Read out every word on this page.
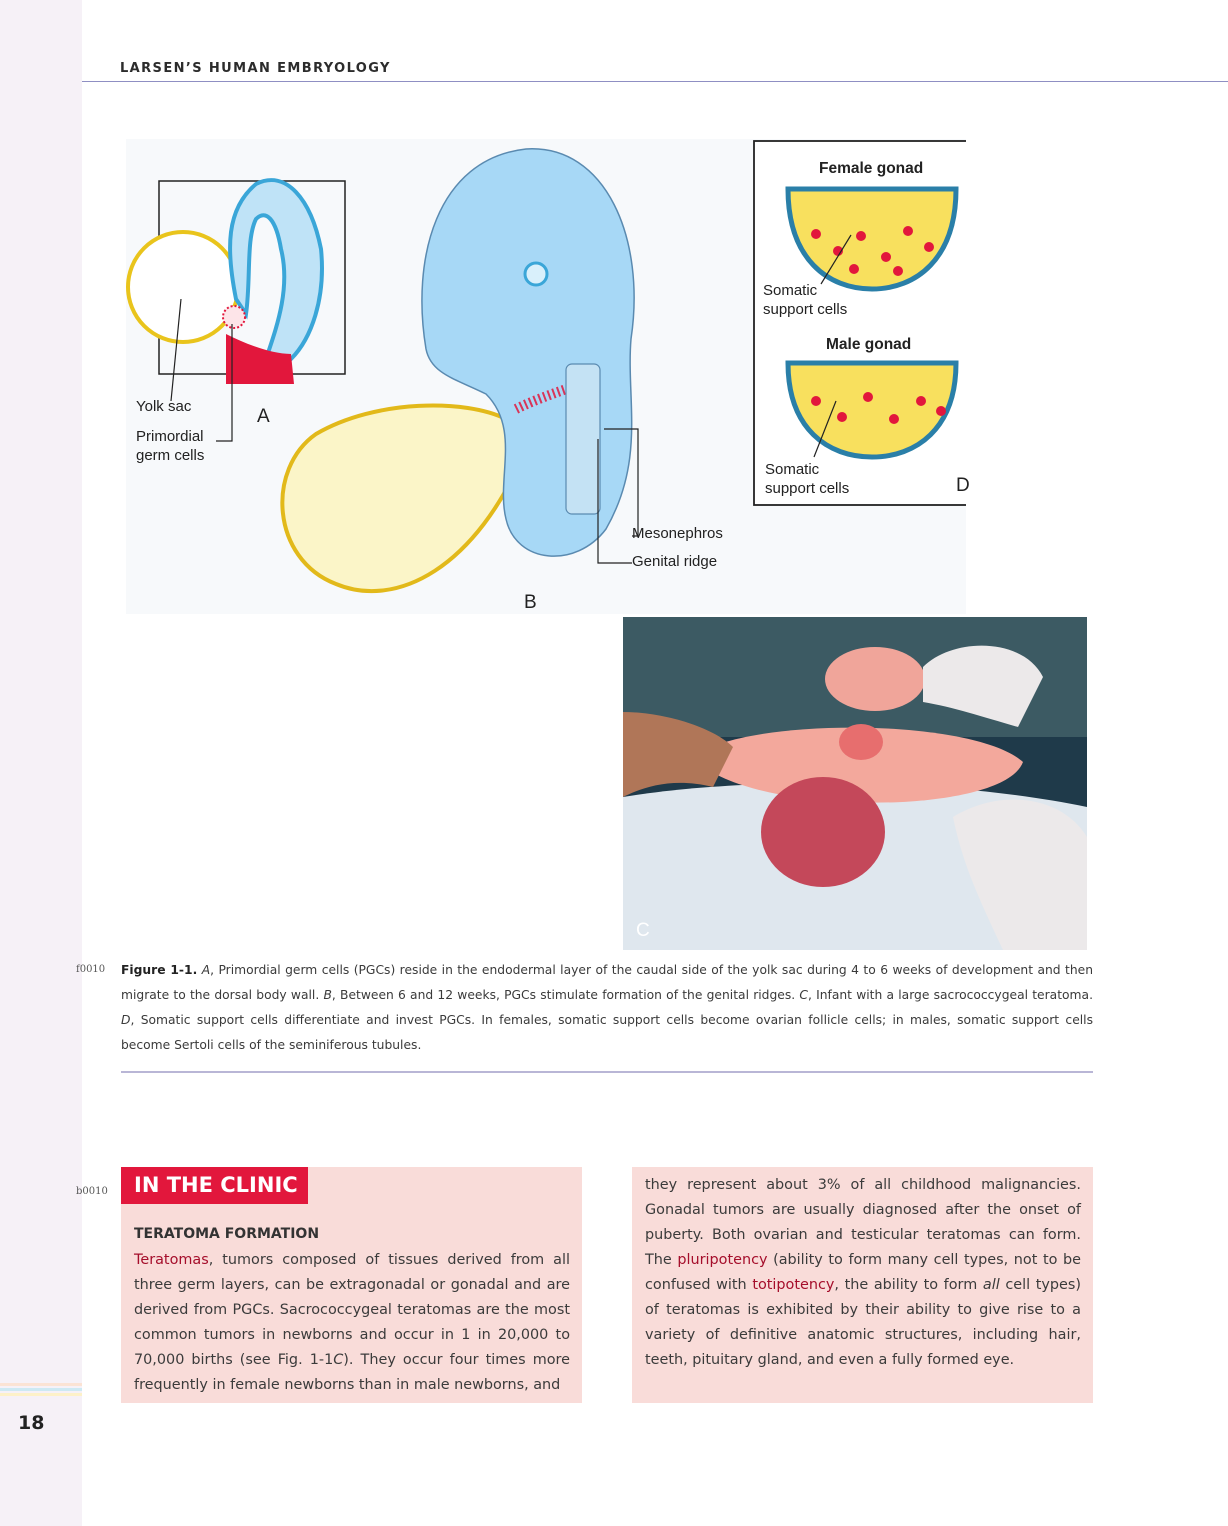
18
LARSEN’S HUMAN EMBRYOLOGY
Yolk sac
Primordial
germ cells
A
B
Mesonephros
Genital ridge
Female gonad
Somatic
support cells
Male gonad
Somatic
support cells	D
C
f0010 Figure 1-1. A, Primordial germ cells (PGCs) reside in the endodermal layer of the caudal side of the yolk sac during 4 to 6 weeks of development and then migrate to the dorsal body wall. B, Between 6 and 12 weeks, PGCs stimulate formation of the genital ridges. C, Infant with a large sacrococcygeal teratoma. D, Somatic support cells differentiate and invest PGCs. In females, somatic support cells become ovarian follicle cells; in males, somatic support cells become Sertoli cells of the seminiferous tubules.
b0010	IN THE CLINIC
TERATOMA FORMATION
Teratomas, tumors composed of tissues derived from all three germ layers, can be extragonadal or gonadal and are derived from PGCs. Sacrococcygeal teratomas are the most common tumors in newborns and occur in 1 in 20,000 to 70,000 births (see Fig. 1-1C). They occur four times more frequently in female newborns than in male newborns, and
they represent about 3% of all childhood malignancies. Gonadal tumors are usually diagnosed after the onset of puberty. Both ovarian and testicular teratomas can form. The pluripotency (ability to form many cell types, not to be confused with totipotency, the ability to form all cell types) of teratomas is exhibited by their ability to give rise to a variety of definitive anatomic structures, including hair, teeth, pituitary gland, and even a fully formed eye.
